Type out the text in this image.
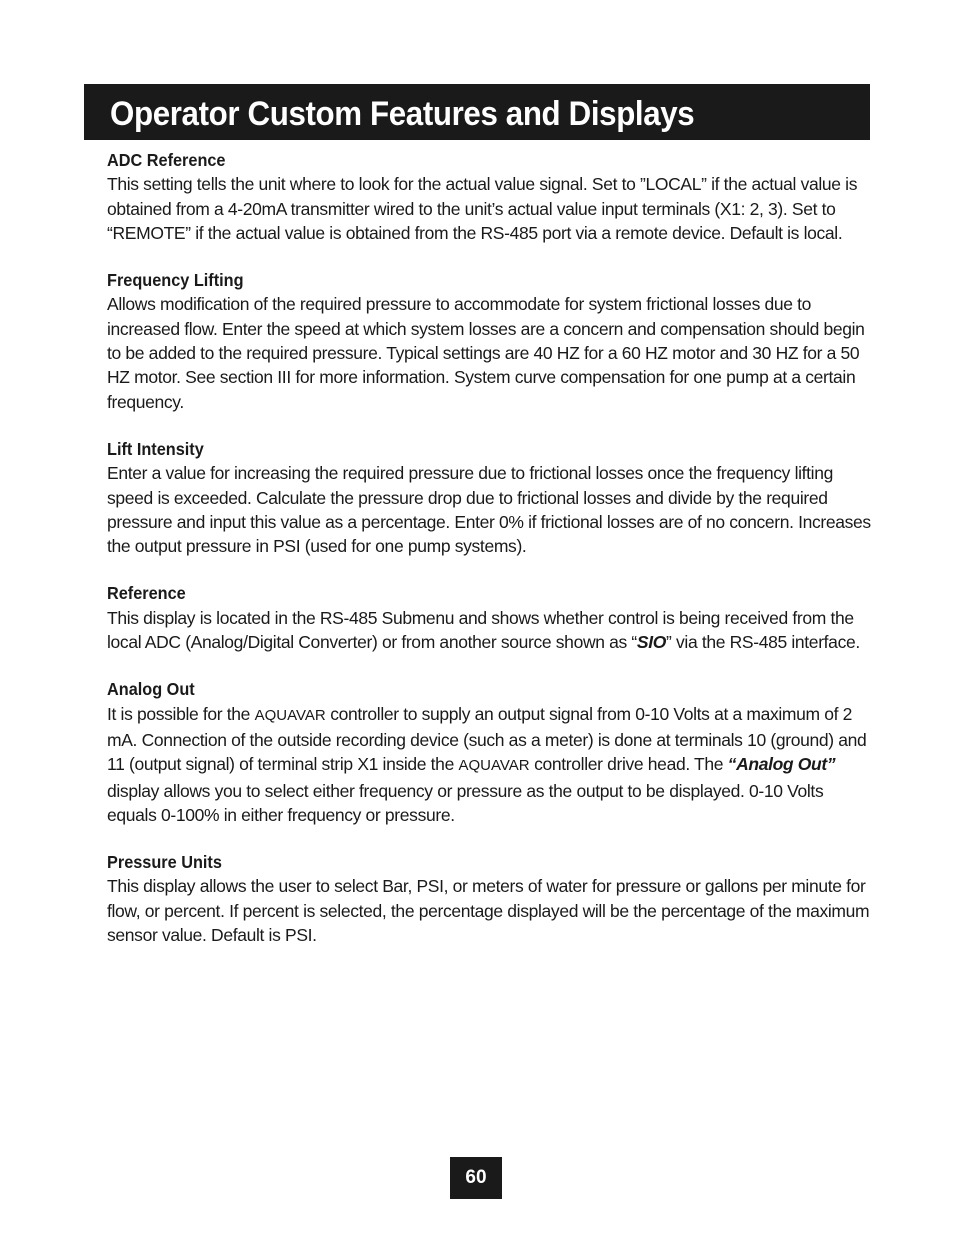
Operator Custom Features and Displays

ADC Reference

This setting tells the unit where to look for the actual value signal. Set to ”LOCAL” if the actual value is obtained from a 4-20mA transmitter wired to the unit’s actual value input terminals (X1: 2, 3). Set to “REMOTE” if the actual value is obtained from the RS-485 port via a remote device. Default is local.

Frequency Lifting

Allows modification of the required pressure to accommodate for system frictional losses due to increased flow. Enter the speed at which system losses are a concern and compensation should begin to be added to the required pressure. Typical settings are 40 HZ for a 60 HZ motor and 30 HZ for a 50 HZ motor. See section III for more information. System curve compensation for one pump at a certain frequency.

Lift Intensity

Enter a value for increasing the required pressure due to frictional losses once the frequency lifting speed is exceeded. Calculate the pressure drop due to frictional losses and divide by the required pressure and input this value as a percentage. Enter 0% if frictional losses are of no concern. Increases the output pressure in PSI (used for one pump systems).

Reference

This display is located in the RS-485 Submenu and shows whether control is being received from the local ADC (Analog/Digital Converter) or from another source shown as “SIO” via the RS-485 interface.

Analog Out

It is possible for the AQUAVAR controller to supply an output signal from 0-10 Volts at a maximum of 2 mA. Connection of the outside recording device (such as a meter) is done at terminals 10 (ground) and 11 (output signal) of terminal strip X1 inside the AQUAVAR controller drive head. The “Analog Out” display allows you to select either frequency or pressure as the output to be displayed. 0-10 Volts equals 0-100% in either frequency or pressure.

Pressure Units

This display allows the user to select Bar, PSI, or meters of water for pressure or gallons per minute for flow, or percent. If percent is selected, the percentage displayed will be the percentage of the maximum sensor value. Default is PSI.

60
